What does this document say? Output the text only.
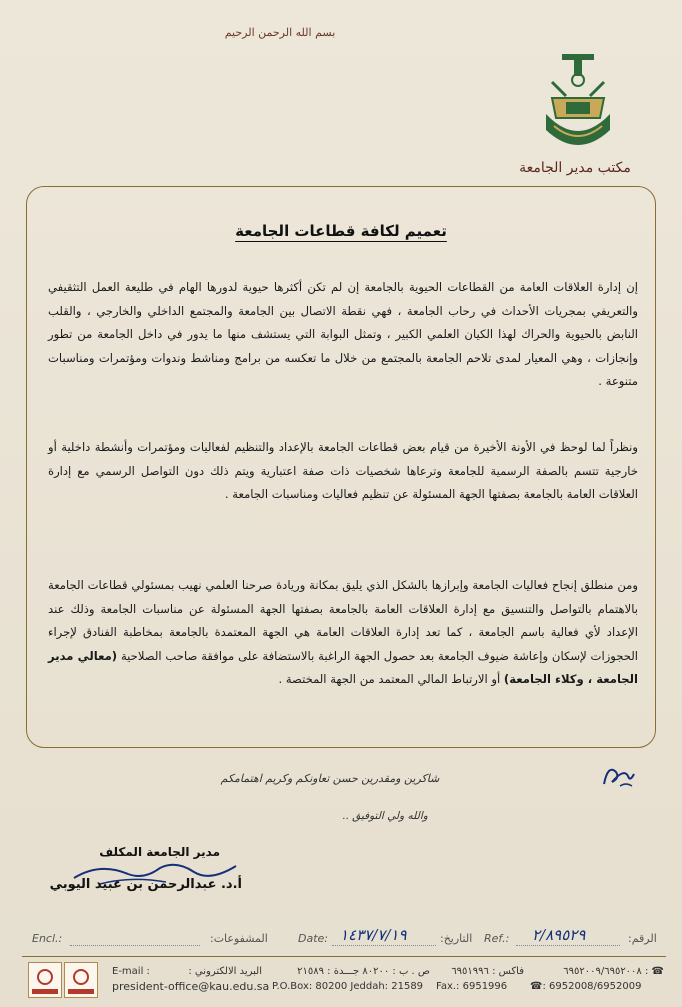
بسم الله الرحمن الرحيم
مكتب مدير الجامعة
تعميم لكافة قطاعات الجامعة
إن إدارة العلاقات العامة من القطاعات الحيوية بالجامعة إن لم تكن أكثرها حيوية لدورها الهام في طليعة العمل التثقيفي والتعريفي بمجريات الأحداث في رحاب الجامعة ، فهي نقطة الاتصال بين الجامعة والمجتمع الداخلي والخارجي ، والقلب النابض بالحيوية والحراك لهذا الكيان العلمي الكبير ، وتمثل البوابة التي يستشف منها ما يدور في داخل الجامعة من تطور وإنجازات ، وهي المعيار لمدى تلاحم الجامعة بالمجتمع من خلال ما تعكسه من برامج ومناشط وندوات ومؤتمرات ومناسبات متنوعة .
ونظراً لما لوحظ في الأونة الأخيرة من قيام بعض قطاعات الجامعة بالإعداد والتنظيم لفعاليات ومؤتمرات وأنشطة داخلية أو خارجية تتسم بالصفة الرسمية للجامعة وترعاها شخصيات ذات صفة اعتبارية ويتم ذلك دون التواصل الرسمي مع إدارة العلاقات العامة بالجامعة بصفتها الجهة المسئولة عن تنظيم فعاليات ومناسبات الجامعة .
ومن منطلق إنجاح فعاليات الجامعة وإبرازها بالشكل الذي يليق بمكانة وريادة صرحنا العلمي نهيب بمسئولي قطاعات الجامعة بالاهتمام بالتواصل والتنسيق مع إدارة العلاقات العامة بالجامعة بصفتها الجهة المسئولة عن مناسبات الجامعة وذلك عند الإعداد لأي فعالية باسم الجامعة ، كما تعد إدارة العلاقات العامة هي الجهة المعتمدة بالجامعة بمخاطبة الفنادق لإجراء الحجوزات لإسكان وإعاشة ضيوف الجامعة بعد حصول الجهة الراغبة بالاستضافة على موافقة صاحب الصلاحية (معالي مدير الجامعة ، وكلاء الجامعة) أو الارتباط المالي المعتمد من الجهة المختصة .
شاكرين ومقدرين حسن تعاونكم وكريم اهتمامكم
والله ولي التوفيق ..
مدير الجامعة المكلف
أ.د. عبدالرحمن بن عبيد اليوبي
Encl.:	المشفوعات:	Date: ١٤٣٧/٧/١٩	التاريخ: Ref.: ٢/٨٩٥٢٩	الرقم:
E-mail :	البريد الالكتروني :
president-office@kau.edu.sa
ص . ب : ٨٠٢٠٠ جـــدة : ٢١٥٨٩
P.O.Box: 80200 Jeddah: 21589
فاكس : ٦٩٥١٩٩٦
Fax.: 6951996
☎ : ٦٩٥٢٠٠٩/٦٩٥٢٠٠٨
☎: 6952008/6952009
